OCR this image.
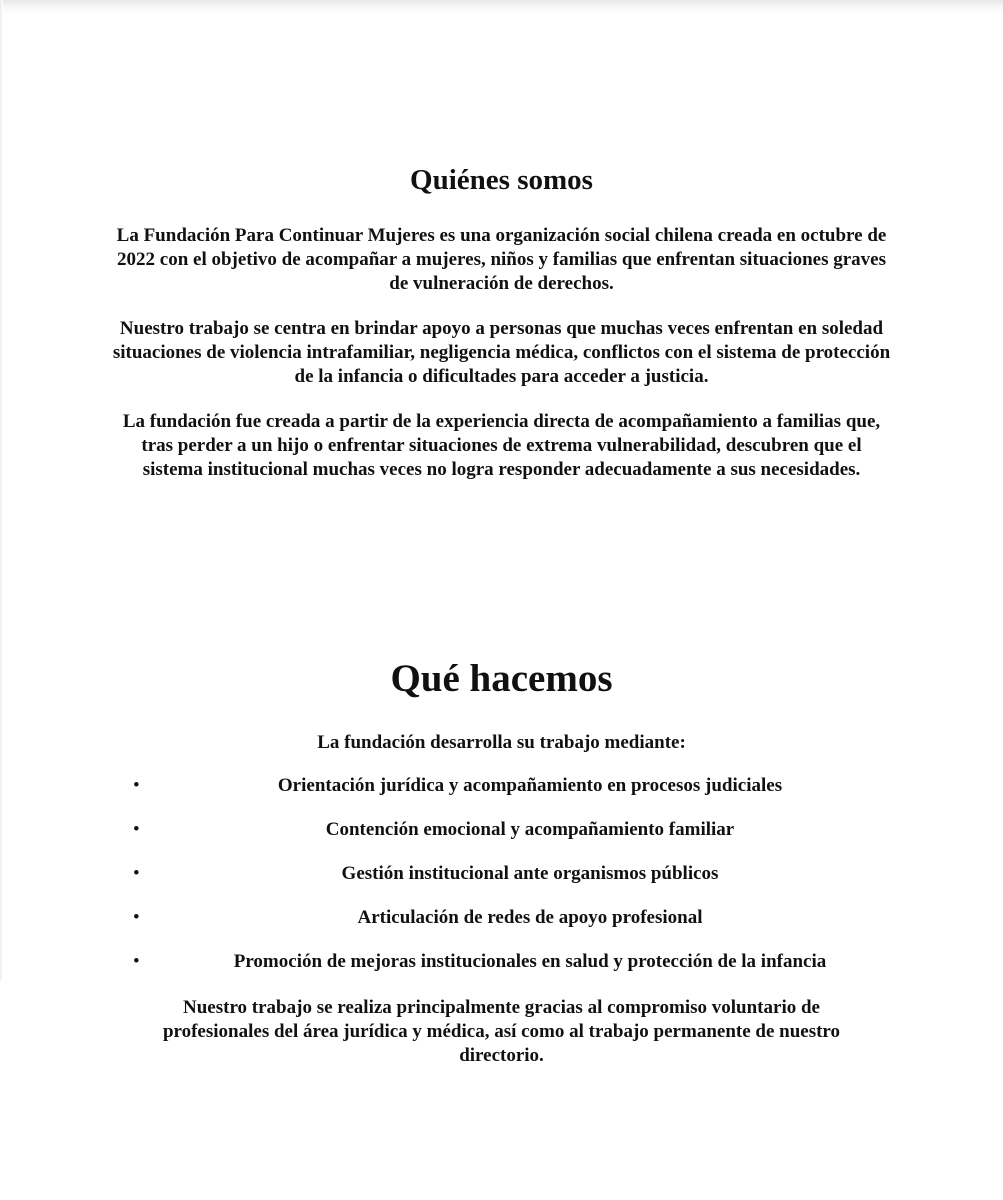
Quiénes somos

La Fundación Para Continuar Mujeres es una organización social chilena creada en octubre de 2022 con el objetivo de acompañar a mujeres, niños y familias que enfrentan situaciones graves de vulneración de derechos.

Nuestro trabajo se centra en brindar apoyo a personas que muchas veces enfrentan en soledad situaciones de violencia intrafamiliar, negligencia médica, conflictos con el sistema de protección de la infancia o dificultades para acceder a justicia.

La fundación fue creada a partir de la experiencia directa de acompañamiento a familias que, tras perder a un hijo o enfrentar situaciones de extrema vulnerabilidad, descubren que el sistema institucional muchas veces no logra responder adecuadamente a sus necesidades.

Qué hacemos

La fundación desarrolla su trabajo mediante:

•	Orientación jurídica y acompañamiento en procesos judiciales
•	Contención emocional y acompañamiento familiar
•	Gestión institucional ante organismos públicos
•	Articulación de redes de apoyo profesional
•	Promoción de mejoras institucionales en salud y protección de la infancia

Nuestro trabajo se realiza principalmente gracias al compromiso voluntario de profesionales del área jurídica y médica, así como al trabajo permanente de nuestro directorio.
